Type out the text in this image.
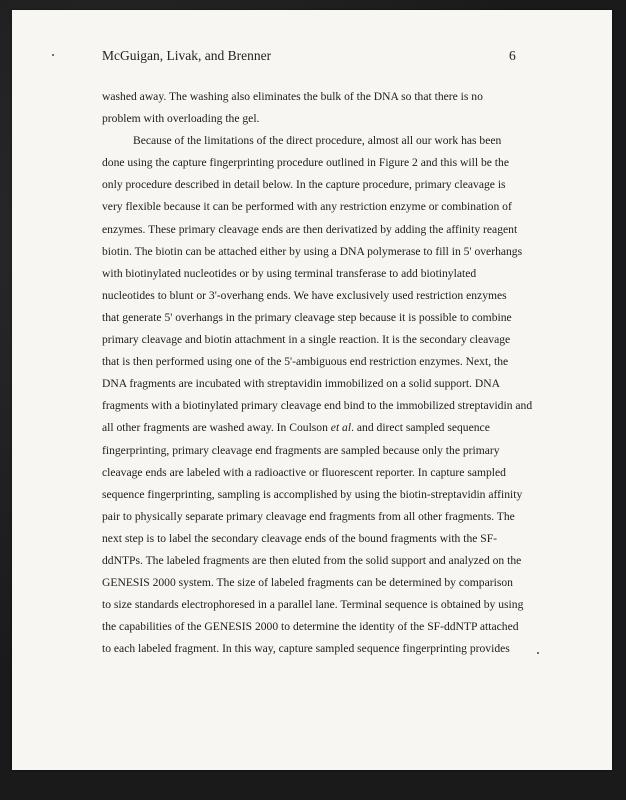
McGuigan, Livak, and Brenner	6
washed away. The washing also eliminates the bulk of the DNA so that there is no
problem with overloading the gel.
Because of the limitations of the direct procedure, almost all our work has been
done using the capture fingerprinting procedure outlined in Figure 2 and this will be the
only procedure described in detail below. In the capture procedure, primary cleavage is
very flexible because it can be performed with any restriction enzyme or combination of
enzymes. These primary cleavage ends are then derivatized by adding the affinity reagent
biotin. The biotin can be attached either by using a DNA polymerase to fill in 5' overhangs
with biotinylated nucleotides or by using terminal transferase to add biotinylated
nucleotides to blunt or 3'-overhang ends. We have exclusively used restriction enzymes
that generate 5' overhangs in the primary cleavage step because it is possible to combine
primary cleavage and biotin attachment in a single reaction. It is the secondary cleavage
that is then performed using one of the 5'-ambiguous end restriction enzymes. Next, the
DNA fragments are incubated with streptavidin immobilized on a solid support. DNA
fragments with a biotinylated primary cleavage end bind to the immobilized streptavidin and
all other fragments are washed away. In Coulson et al. and direct sampled sequence
fingerprinting, primary cleavage end fragments are sampled because only the primary
cleavage ends are labeled with a radioactive or fluorescent reporter. In capture sampled
sequence fingerprinting, sampling is accomplished by using the biotin-streptavidin affinity
pair to physically separate primary cleavage end fragments from all other fragments. The
next step is to label the secondary cleavage ends of the bound fragments with the SF-
ddNTPs. The labeled fragments are then eluted from the solid support and analyzed on the
GENESIS 2000 system. The size of labeled fragments can be determined by comparison
to size standards electrophoresed in a parallel lane. Terminal sequence is obtained by using
the capabilities of the GENESIS 2000 to determine the identity of the SF-ddNTP attached
to each labeled fragment. In this way, capture sampled sequence fingerprinting provides
